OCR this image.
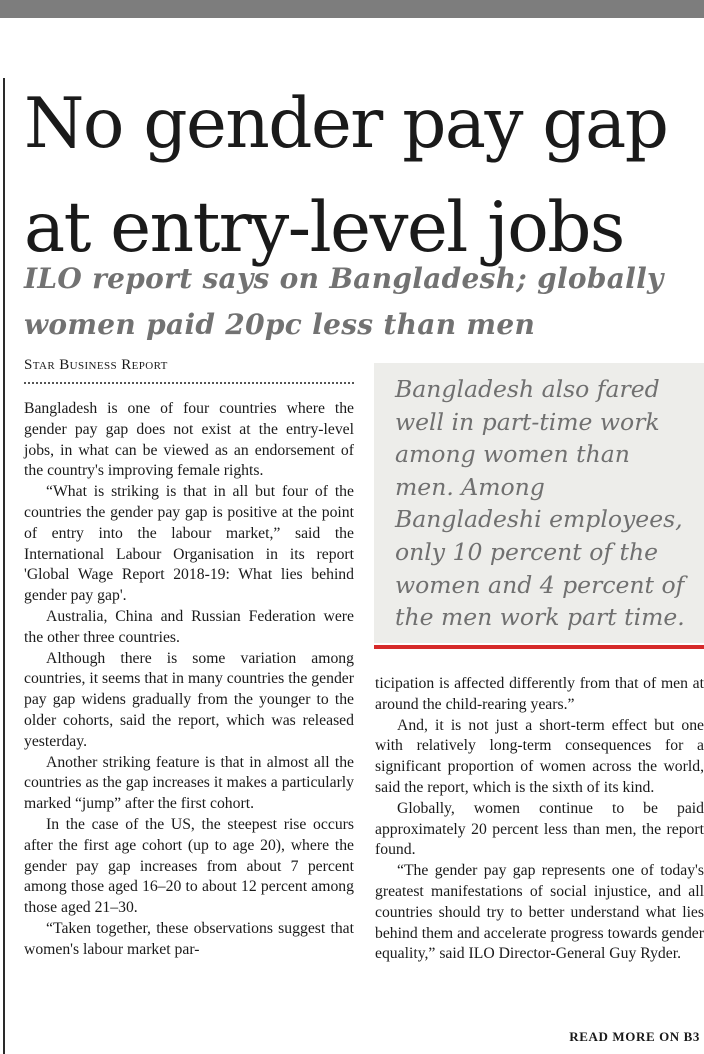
No gender pay gap
at entry-level jobs
ILO report says on Bangladesh; globally
women paid 20pc less than men
Star Business Report

Bangladesh is one of four countries where the gender pay gap does not exist at the entry-level jobs, in what can be viewed as an endorsement of the country's improving female rights.

“What is striking is that in all but four of the countries the gender pay gap is positive at the point of entry into the labour market,” said the International Labour Organisation in its report 'Global Wage Report 2018-19: What lies behind gender pay gap'.

Australia, China and Russian Federation were the other three countries.

Although there is some variation among countries, it seems that in many countries the gender pay gap widens gradually from the younger to the older cohorts, said the report, which was released yesterday.

Another striking feature is that in almost all the countries as the gap increases it makes a particularly marked “jump” after the first cohort.

In the case of the US, the steepest rise occurs after the first age cohort (up to age 20), where the gender pay gap increases from about 7 percent among those aged 16–20 to about 12 percent among those aged 21–30.

“Taken together, these observations suggest that women's labour market par-

Bangladesh also fared well in part-time work among women than men. Among Bangladeshi employees, only 10 percent of the women and 4 percent of the men work part time.

ticipation is affected differently from that of men at around the child-rearing years.”

And, it is not just a short-term effect but one with relatively long-term consequences for a significant proportion of women across the world, said the report, which is the sixth of its kind.

Globally, women continue to be paid approximately 20 percent less than men, the report found.

“The gender pay gap represents one of today's greatest manifestations of social injustice, and all countries should try to better understand what lies behind them and accelerate progress towards gender equality,” said ILO Director-General Guy Ryder.

READ MORE ON B3
